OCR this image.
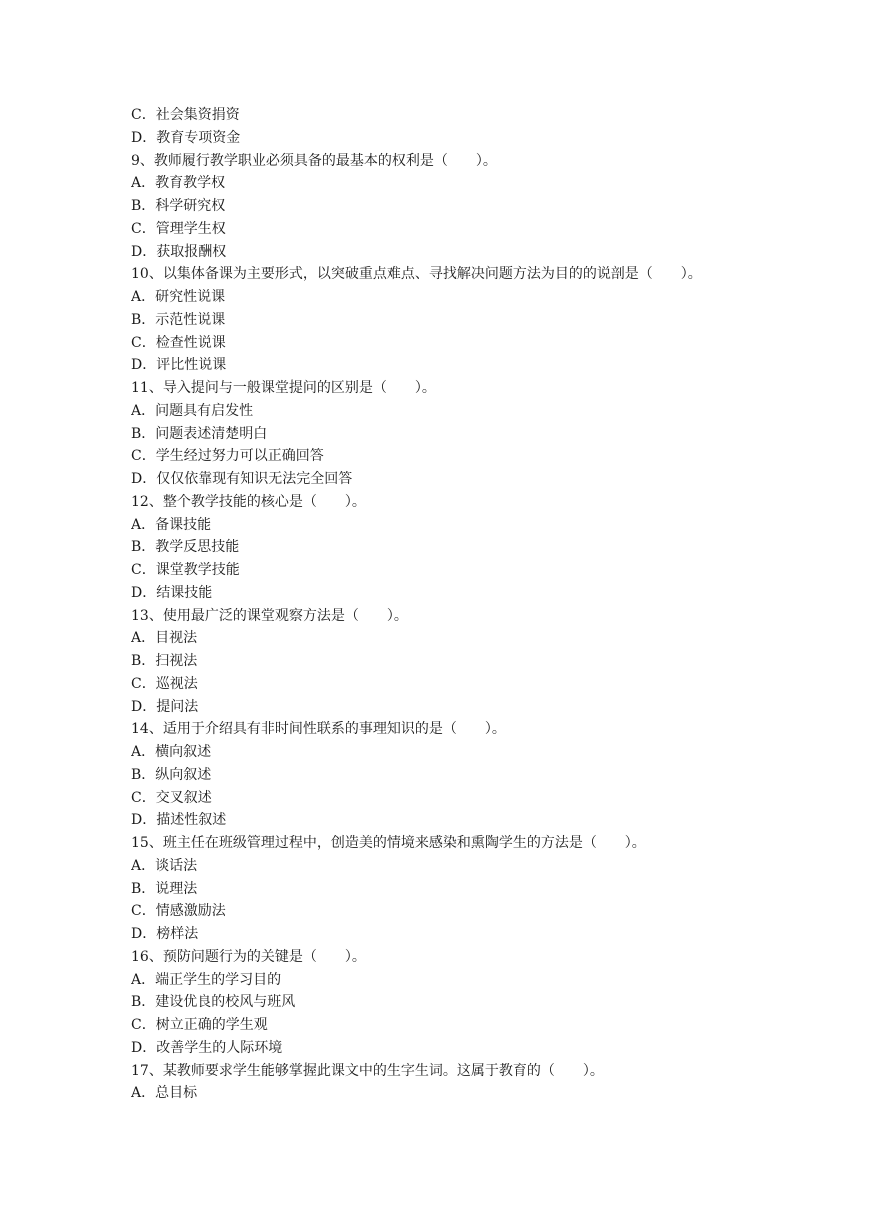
C．社会集资捐资
D．教育专项资金
9、教师履行教学职业必须具备的最基本的权利是（　　）。
A．教育教学权
B．科学研究权
C．管理学生权
D．获取报酬权
10、以集体备课为主要形式，以突破重点难点、寻找解决问题方法为目的的说剖是（　　）。
A．研究性说课
B．示范性说课
C．检查性说课
D．评比性说课
11、导入提问与一般课堂提问的区别是（　　）。
A．问题具有启发性
B．问题表述清楚明白
C．学生经过努力可以正确回答
D．仅仅依靠现有知识无法完全回答
12、整个教学技能的核心是（　　）。
A．备课技能
B．教学反思技能
C．课堂教学技能
D．结课技能
13、使用最广泛的课堂观察方法是（　　）。
A．目视法
B．扫视法
C．巡视法
D．提问法
14、适用于介绍具有非时间性联系的事理知识的是（　　）。
A．横向叙述
B．纵向叙述
C．交叉叙述
D．描述性叙述
15、班主任在班级管理过程中，创造美的情境来感染和熏陶学生的方法是（　　）。
A．谈话法
B．说理法
C．情感激励法
D．榜样法
16、预防问题行为的关键是（　　）。
A．端正学生的学习目的
B．建设优良的校风与班风
C．树立正确的学生观
D．改善学生的人际环境
17、某教师要求学生能够掌握此课文中的生字生词。这属于教育的（　　）。
A．总目标
